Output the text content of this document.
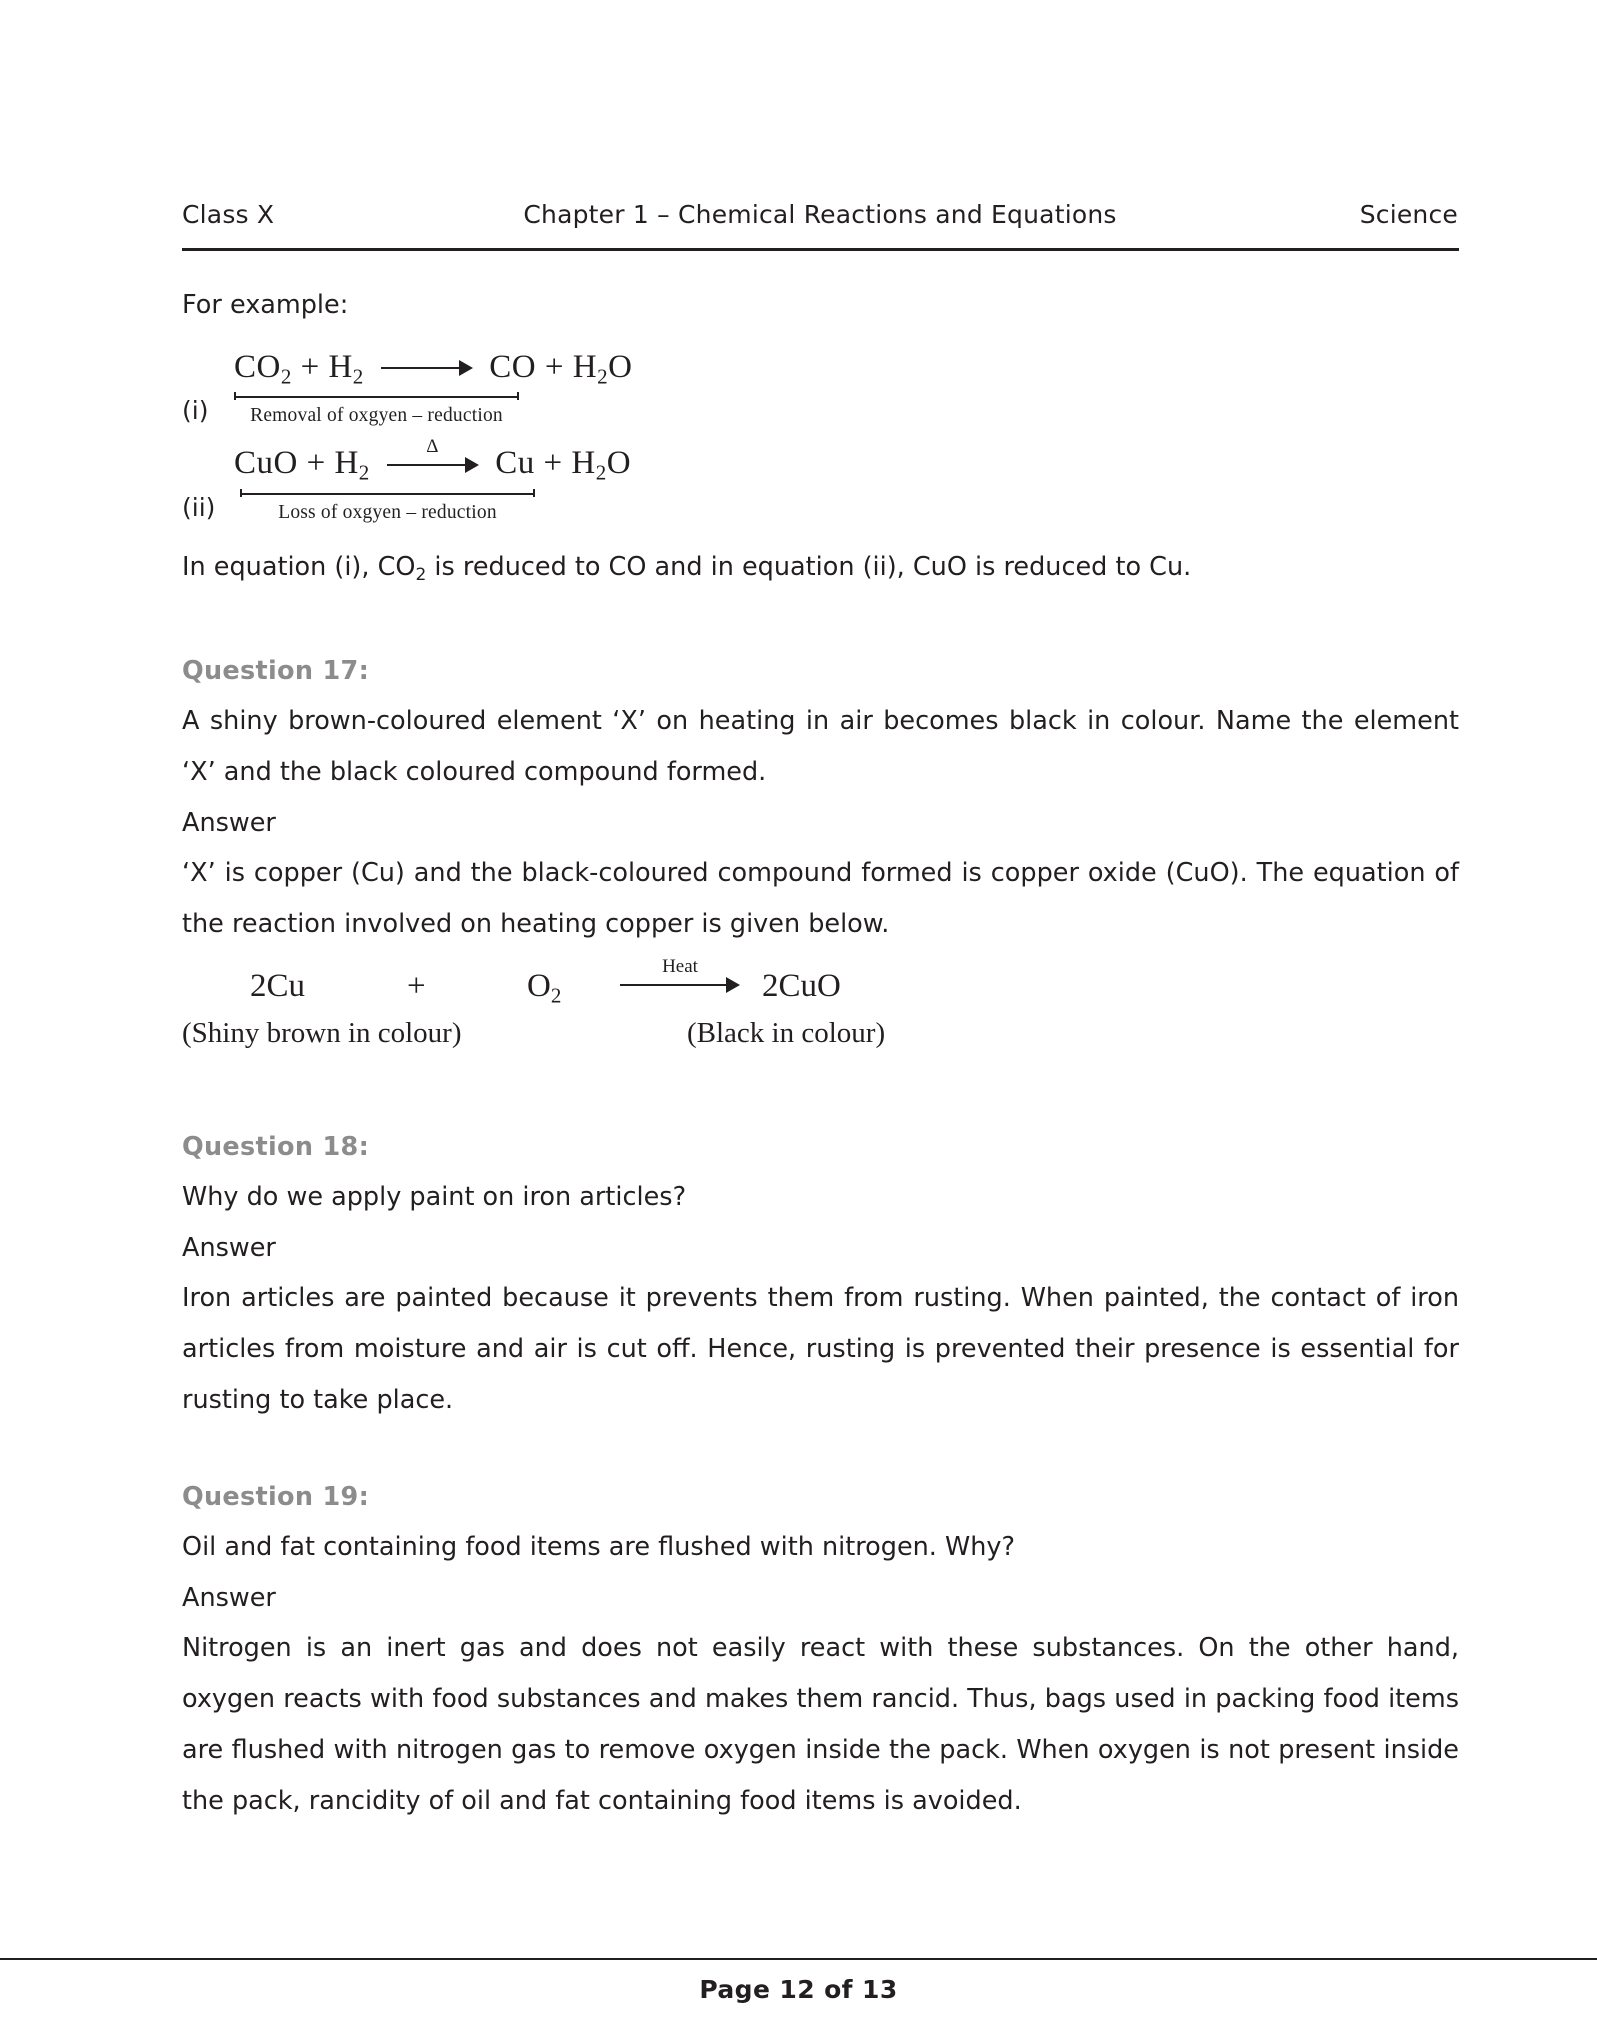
Class X	Chapter 1 – Chemical Reactions and Equations	Science

For example:

(i)
CO2 + H2	CO + H2O
Removal of oxgyen – reduction
(ii)
CuO + H2
Δ Cu + H2O
Loss of oxgyen – reduction

In equation (i), $CO_2$ is reduced to CO and in equation (ii), CuO is reduced to Cu.

Question 17:

A shiny brown-coloured element ‘X’ on heating in air becomes black in colour. Name the element ‘X’ and the black coloured compound formed.

Answer

‘X’ is copper (Cu) and the black-coloured compound formed is copper oxide (CuO). The equation of the reaction involved on heating copper is given below.

2Cu	+	O2
Heat
2CuO
(Shiny brown in colour)	(Black in colour)

Question 18:

Why do we apply paint on iron articles?

Answer

Iron articles are painted because it prevents them from rusting. When painted, the contact of iron articles from moisture and air is cut off. Hence, rusting is prevented their presence is essential for rusting to take place.

Question 19:

Oil and fat containing food items are flushed with nitrogen. Why?

Answer

Nitrogen is an inert gas and does not easily react with these substances. On the other hand, oxygen reacts with food substances and makes them rancid. Thus, bags used in packing food items are flushed with nitrogen gas to remove oxygen inside the pack. When oxygen is not present inside the pack, rancidity of oil and fat containing food items is avoided.

Page 12 of 13
